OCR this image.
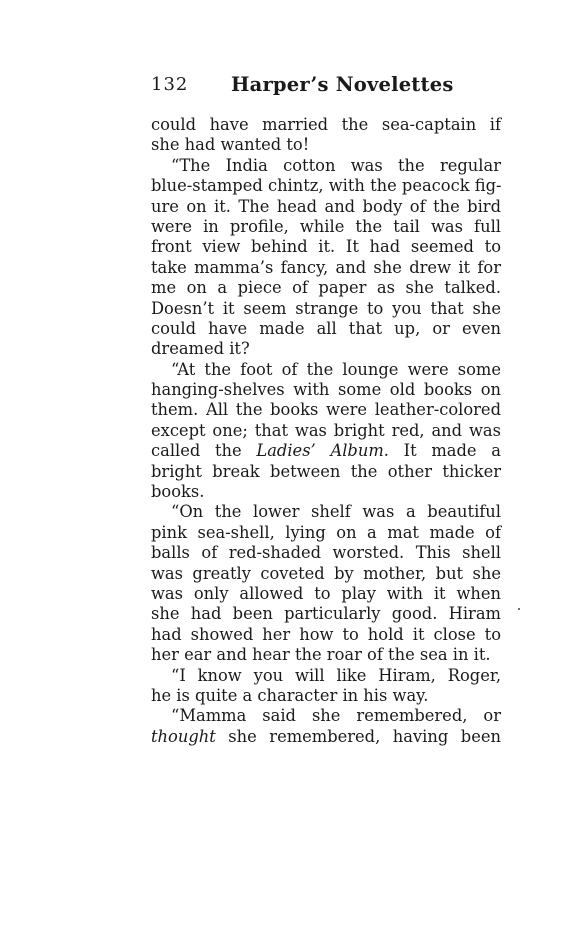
132 Harper’s Novelettes
could have married the sea-captain if
she had wanted to!
“The India cotton was the regular
blue-stamped chintz, with the peacock fig-
ure on it. The head and body of the bird
were in profile, while the tail was full
front view behind it. It had seemed to
take mamma’s fancy, and she drew it for
me on a piece of paper as she talked.
Doesn’t it seem strange to you that she
could have made all that up, or even
dreamed it?
“At the foot of the lounge were some
hanging-shelves with some old books on
them. All the books were leather-colored
except one; that was bright red, and was
called the Ladies’ Album. It made a
bright break between the other thicker
books.
“On the lower shelf was a beautiful
pink sea-shell, lying on a mat made of
balls of red-shaded worsted. This shell
was greatly coveted by mother, but she
was only allowed to play with it when
she had been particularly good. Hiram
had showed her how to hold it close to
her ear and hear the roar of the sea in it.
“I know you will like Hiram, Roger,
he is quite a character in his way.
“Mamma said she remembered, or
thought she remembered, having been
